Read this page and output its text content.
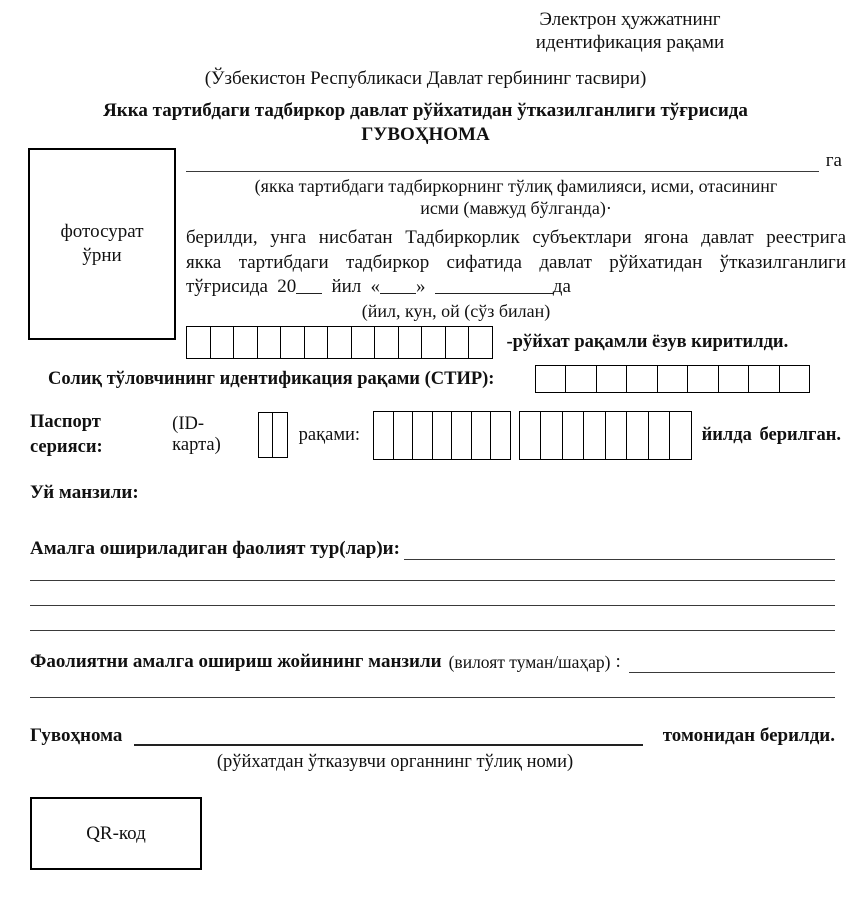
Электрон ҳужжатнинг
идентификация рақами
(Ўзбекистон Республикаси Давлат гербининг тасвири)
Якка тартибдаги тадбиркор давлат рўйхатидан ўтказилганлиги тўғрисида
ГУВОҲНОМА
фотосурат
ўрни
га
(якка тартибдаги тадбиркорнинг тўлиқ фамилияси, исми, отасининг
исми (мавжуд бўлганда)·
берилди, унга нисбатан Тадбиркорлик субъектлари ягона давлат реестрига якка тартибдаги тадбиркор сифатида давлат рўйхатидан ўтказилганлиги тўғрисида 20 йил « »	да
(йил, кун, ой (сўз билан)
-рўйхат рақамли ёзув киритилди.
Солиқ тўловчининг идентификация рақами (СТИР):
Паспорт
серияси:
(ID-карта)
рақами:	йилда берилган.
Уй манзили:
Амалга ошириладиган фаолият тур(лар)и:
Фаолиятни амалга ошириш жойининг манзили (вилоят туман/шаҳар) :
Гувоҳнома	томонидан берилди.
(рўйхатдан ўтказувчи органнинг тўлиқ номи)
QR-код
